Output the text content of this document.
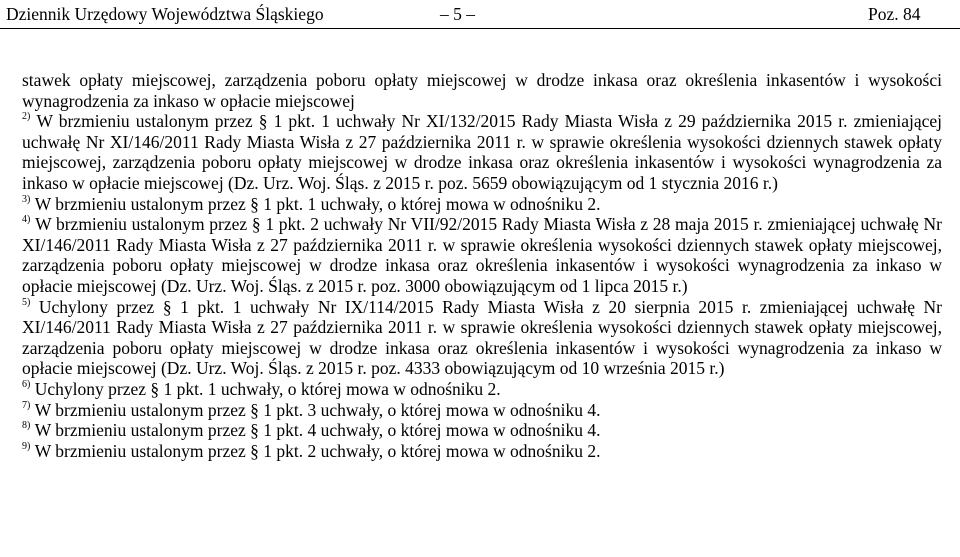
Dziennik Urzędowy Województwa Śląskiego	– 5 –	Poz. 84

stawek opłaty miejscowej, zarządzenia poboru opłaty miejscowej w drodze inkasa oraz określenia inkasentów i wysokości wynagrodzenia za inkaso w opłacie miejscowej

$^{2)}$ W brzmieniu ustalonym przez § 1 pkt. 1 uchwały Nr XI/132/2015 Rady Miasta Wisła z 29 października 2015 r. zmieniającej uchwałę Nr XI/146/2011 Rady Miasta Wisła z 27 października 2011 r. w sprawie określenia wysokości dziennych stawek opłaty miejscowej, zarządzenia poboru opłaty miejscowej w drodze inkasa oraz określenia inkasentów i wysokości wynagrodzenia za inkaso w opłacie miejscowej (Dz. Urz. Woj. Śląs. z 2015 r. poz. 5659 obowiązującym od 1 stycznia 2016 r.)

$^{3)}$ W brzmieniu ustalonym przez § 1 pkt. 1 uchwały, o której mowa w odnośniku 2.

$^{4)}$ W brzmieniu ustalonym przez § 1 pkt. 2 uchwały Nr VII/92/2015 Rady Miasta Wisła z 28 maja 2015 r. zmieniającej uchwałę Nr XI/146/2011 Rady Miasta Wisła z 27 października 2011 r. w sprawie określenia wysokości dziennych stawek opłaty miejscowej, zarządzenia poboru opłaty miejscowej w drodze inkasa oraz określenia inkasentów i wysokości wynagrodzenia za inkaso w opłacie miejscowej (Dz. Urz. Woj. Śląs. z 2015 r. poz. 3000 obowiązującym od 1 lipca 2015 r.)

$^{5)}$ Uchylony przez § 1 pkt. 1 uchwały Nr IX/114/2015 Rady Miasta Wisła z 20 sierpnia 2015 r. zmieniającej uchwałę Nr XI/146/2011 Rady Miasta Wisła z 27 października 2011 r. w sprawie określenia wysokości dziennych stawek opłaty miejscowej, zarządzenia poboru opłaty miejscowej w drodze inkasa oraz określenia inkasentów i wysokości wynagrodzenia za inkaso w opłacie miejscowej (Dz. Urz. Woj. Śląs. z 2015 r. poz. 4333 obowiązującym od 10 września 2015 r.)

$^{6)}$ Uchylony przez § 1 pkt. 1 uchwały, o której mowa w odnośniku 2.

$^{7)}$ W brzmieniu ustalonym przez § 1 pkt. 3 uchwały, o której mowa w odnośniku 4.

$^{8)}$ W brzmieniu ustalonym przez § 1 pkt. 4 uchwały, o której mowa w odnośniku 4.

$^{9)}$ W brzmieniu ustalonym przez § 1 pkt. 2 uchwały, o której mowa w odnośniku 2.
